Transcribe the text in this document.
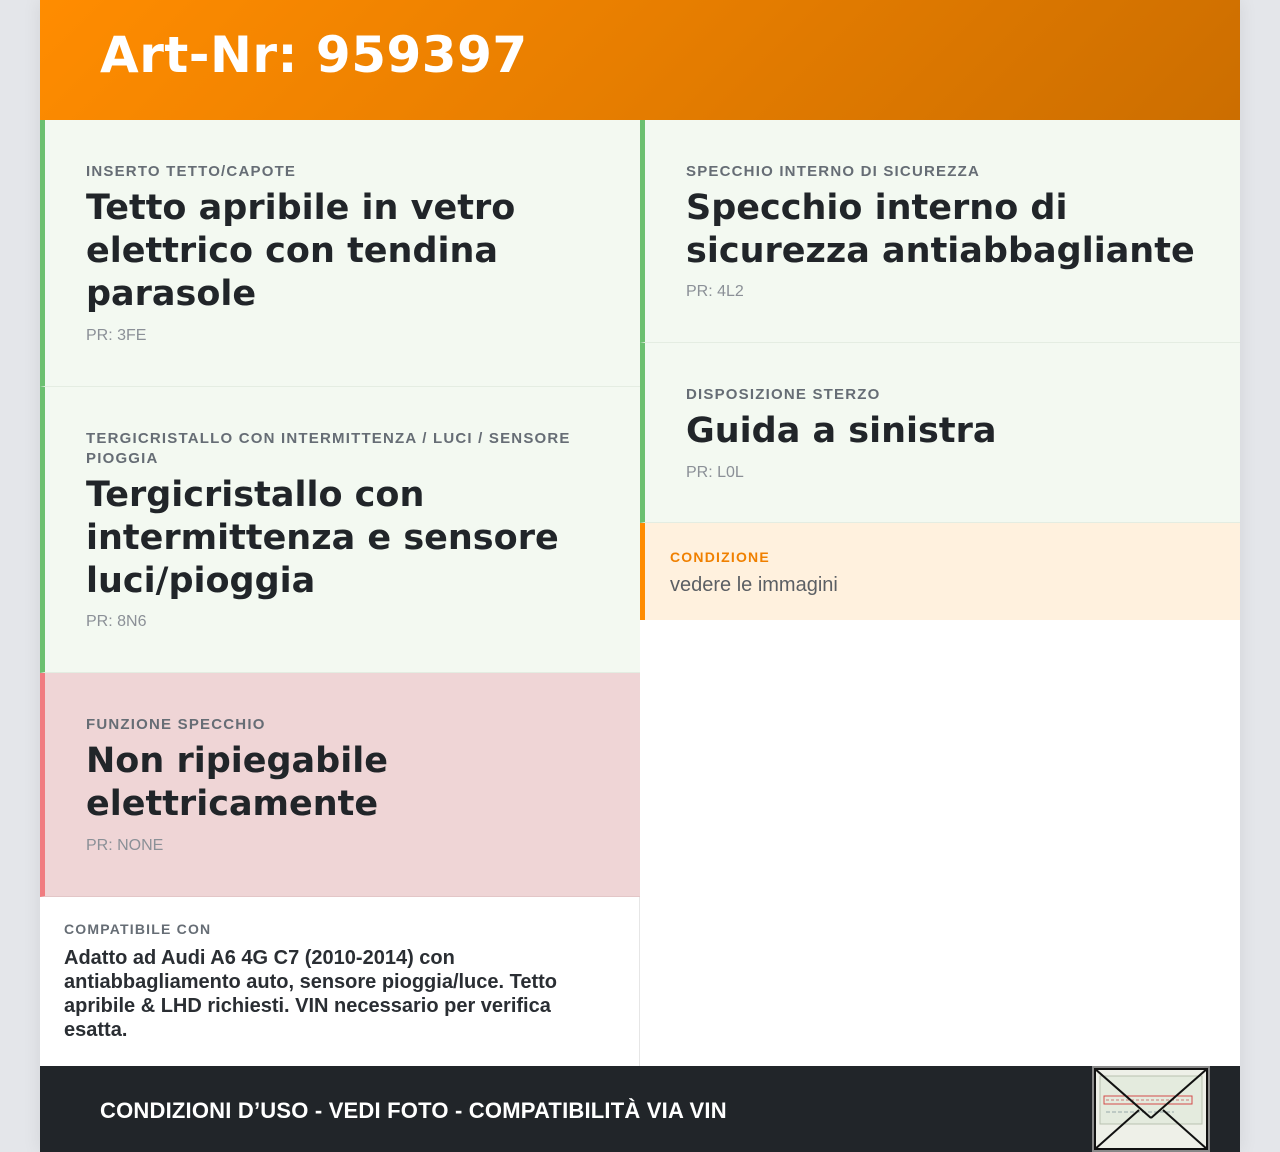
Art-Nr: 959397
INSERTO TETTO/CAPOTE
Tetto apribile in vetro elettrico con tendina parasole
PR: 3FE
TERGICRISTALLO CON INTERMITTENZA / LUCI / SENSORE PIOGGIA
Tergicristallo con intermittenza e sensore luci/pioggia
PR: 8N6
FUNZIONE SPECCHIO
Non ripiegabile elettricamente
PR: NONE
COMPATIBILE CON
Adatto ad Audi A6 4G C7 (2010-2014) con antiabbagliamento auto, sensore pioggia/luce. Tetto apribile & LHD richiesti. VIN necessario per verifica esatta.
SPECCHIO INTERNO DI SICUREZZA
Specchio interno di sicurezza antiabbagliante
PR: 4L2
DISPOSIZIONE STERZO
Guida a sinistra
PR: L0L
CONDIZIONE
vedere le immagini
CONDIZIONI D’USO - VEDI FOTO - COMPATIBILITÀ VIA VIN
